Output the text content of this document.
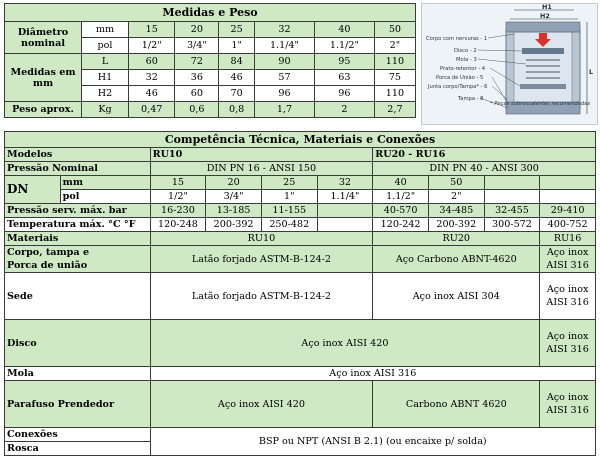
Medidas e Peso							
Diâmetro
nominal	mm	15	20	25	32	40	50
	pol	1/2"	3/4"	1"	1.1/4"	1.1/2"	2"
Medidas em
mm	L	60	72	84	90	95	110
	H1	32	36	46	57	63	75
	H2	46	60	70	96	96	110
Peso aprox.	Kg	0,47	0,6	0,8	1,7	2	2,7
H1
H2
L
Corpo com nervuras - 1
Disco - 2
Mola - 3
Prato-retentor - 4
Porca de União - 5
Junta corpo/Tampa* - 6
Tampa - 8
* Peças sobressalentes recomendadas
Competência Técnica, Materiais e Conexões									
Modelos		RU10				RU20 - RU16			
Pressão Nominal		DIN PN 16 - ANSI 150				DIN PN 40 - ANSI 300			
DN	mm	15	20	25	32	40	50		
	pol	1/2"	3/4"	1"	1.1/4"	1.1/2"	2"		
Pressão serv. máx. bar		16-230	13-185	11-155		40-570	34-485	32-455	29-410
Temperatura máx. °C °F		120-248	200-392	250-482		120-242	200-392	300-572	400-752
Materiais		RU10				RU20			RU16
Corpo, tampa e
Porca de união		Latão forjado ASTM-B-124-2				Aço Carbono ABNT-4620			Aço inox
AISI 316
Sede		Latão forjado ASTM-B-124-2				Aço inox AISI 304			Aço inox
AISI 316
Disco		Aço inox AISI 420							Aço inox
AISI 316
Mola		Aço inox AISI 316							
Parafuso Prendedor		Aço inox AISI 420				Carbono ABNT 4620			Aço inox
AISI 316
Conexões		BSP ou NPT (ANSI B 2.1) (ou encaixe p/ solda)							
Rosca									
